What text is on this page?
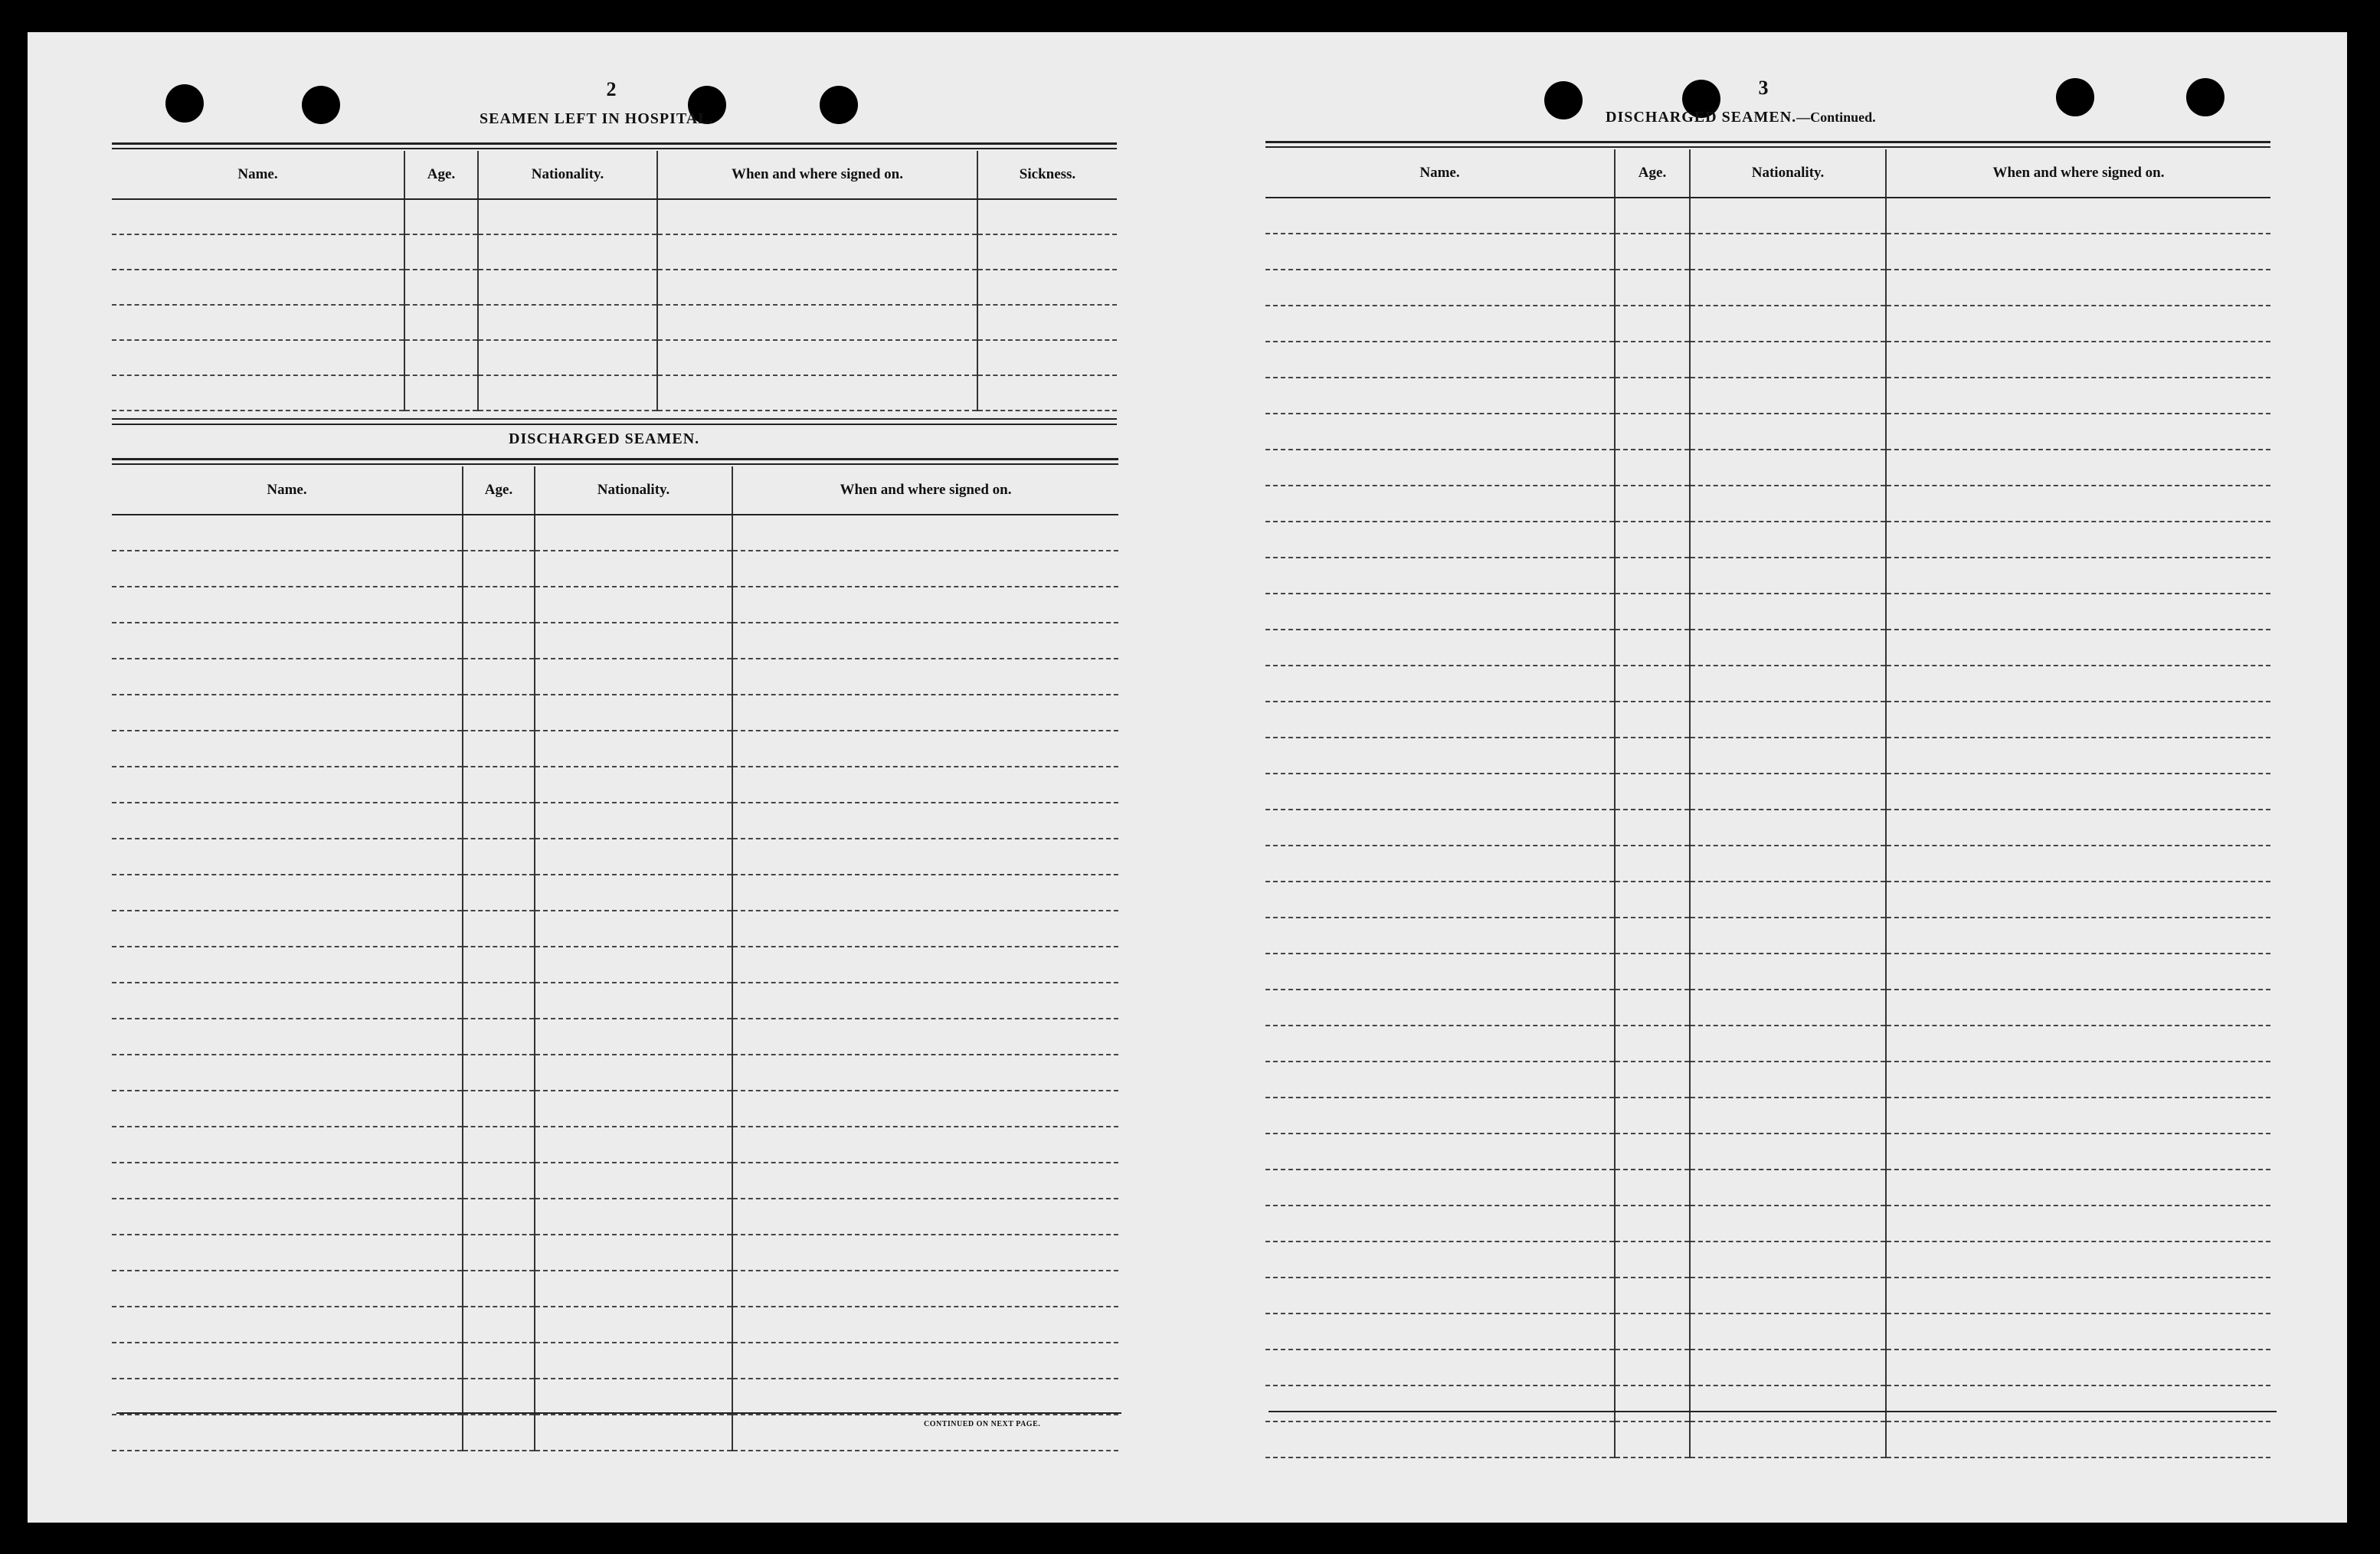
2
SEAMEN LEFT IN HOSPITAL.
Name.	Age.	Nationality.	When and where signed on.	Sickness.

DISCHARGED SEAMEN.
Name.	Age.	Nationality.	When and where signed on.

CONTINUED ON NEXT PAGE.
3
DISCHARGED SEAMEN.—Continued.
Name.	Age.	Nationality.	When and where signed on.
